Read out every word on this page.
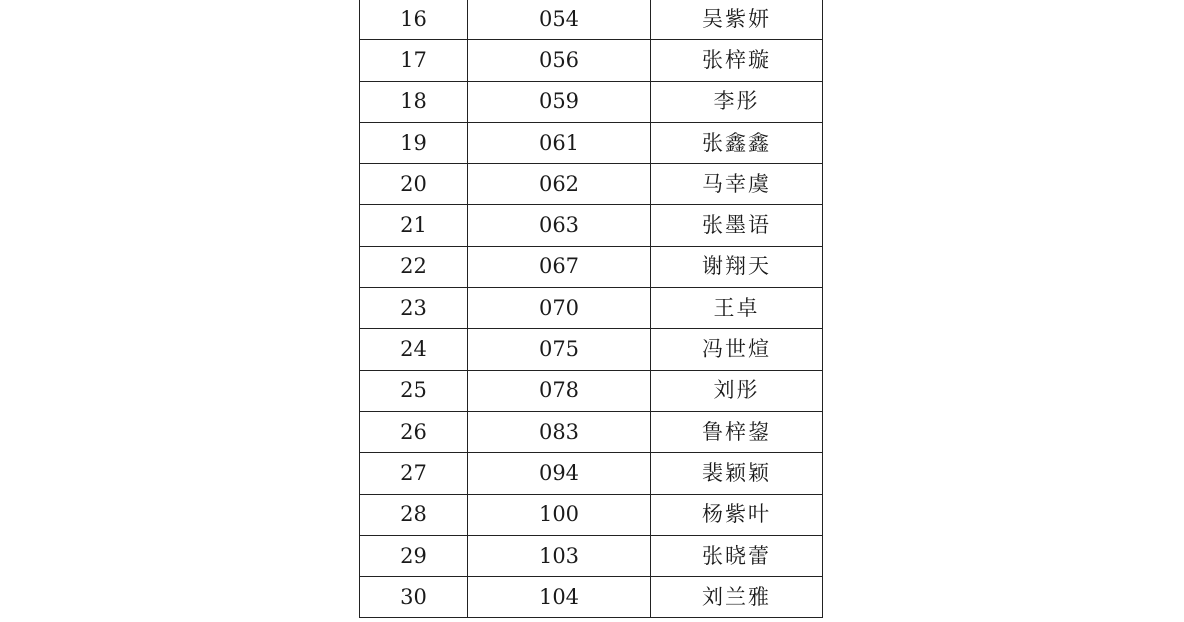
16	054	吴紫妍
17	056	张梓璇
18	059	李彤
19	061	张鑫鑫
20	062	马幸虞
21	063	张墨语
22	067	谢翔天
23	070	王卓
24	075	冯世煊
25	078	刘彤
26	083	鲁梓鋆
27	094	裴颖颖
28	100	杨紫叶
29	103	张晓蕾
30	104	刘兰雅
